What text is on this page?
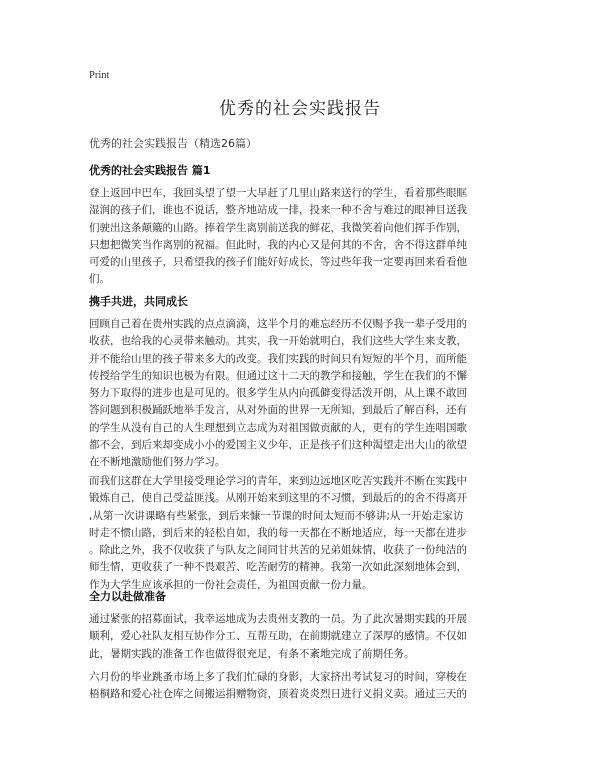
Print
优秀的社会实践报告
优秀的社会实践报告（精选26篇）
优秀的社会实践报告 篇1
登上返回中巴车，我回头望了望一大早赶了几里山路来送行的学生，看着那些眼眶
湿润的孩子们，谁也不说话，整齐地站成一排，投来一种不舍与难过的眼神目送我
们驶出这条颠簸的山路。捧着学生离别前送我的鲜花，我微笑着向他们挥手作别，
只想把微笑当作离别的祝福。但此时，我的内心又是何其的不舍，舍不得这群单纯
可爱的山里孩子，只希望我的孩子们能好好成长，等过些年我一定要再回来看看他
们。
携手共进，共同成长
回顾自己着在贵州实践的点点滴滴，这半个月的难忘经历不仅赐予我一辈子受用的
收获，也给我的心灵带来触动。其实，我一开始就明白，我们这些大学生来支教，
并不能给山里的孩子带来多大的改变。我们实践的时间只有短短的半个月，而所能
传授给学生的知识也极为有限。但通过这十二天的教学和接触，学生在我们的不懈
努力下取得的进步也是可见的。很多学生从内向孤僻变得活泼开朗，从上课不敢回
答问题到积极踊跃地举手发言，从对外面的世界一无所知，到最后了解百科，还有
的学生从没有自己的人生理想到立志成为对祖国做贡献的人，更有的学生连唱国歌
都不会，到后来却变成小小的爱国主义少年，正是孩子们这种渴望走出大山的欲望
在不断地激励他们努力学习。
而我们这群在大学里接受理论学习的青年，来到边远地区吃苦实践并不断在实践中
锻炼自己，使自己受益匪浅。从刚开始来到这里的不习惯，到最后的的舍不得离开
,从第一次讲课略有些紧张，到后来慷一节课的时间太短而不够讲;从一开始走家访
时走不惯山路，到后来的轻松自如，我的每一天都在不断地适应，每一天都在进步
。除此之外，我不仅收获了与队友之间同甘共苦的兄弟姐妹情，收获了一份纯洁的
师生情，更收获了一种不畏艰苦、吃苦耐劳的精神。我第一次如此深刻地体会到，
作为大学生应该承担的一份社会责任，为祖国贡献一份力量。
全力以赴做准备
通过紧张的招募面试，我幸运地成为去贵州支教的一员。为了此次暑期实践的开展
顺利，爱心社队友相互协作分工、互帮互助，在前期就建立了深厚的感情。不仅如
此，暑期实践的准备工作也做得很充足，有条不紊地完成了前期任务。
六月份的毕业跳蚤市场上多了我们忙碌的身影，大家挤出考试复习的时间，穿梭在
梧桐路和爱心社仓库之间搬运捐赠物资，顶着炎炎烈日进行义捐义卖。通过三天的
